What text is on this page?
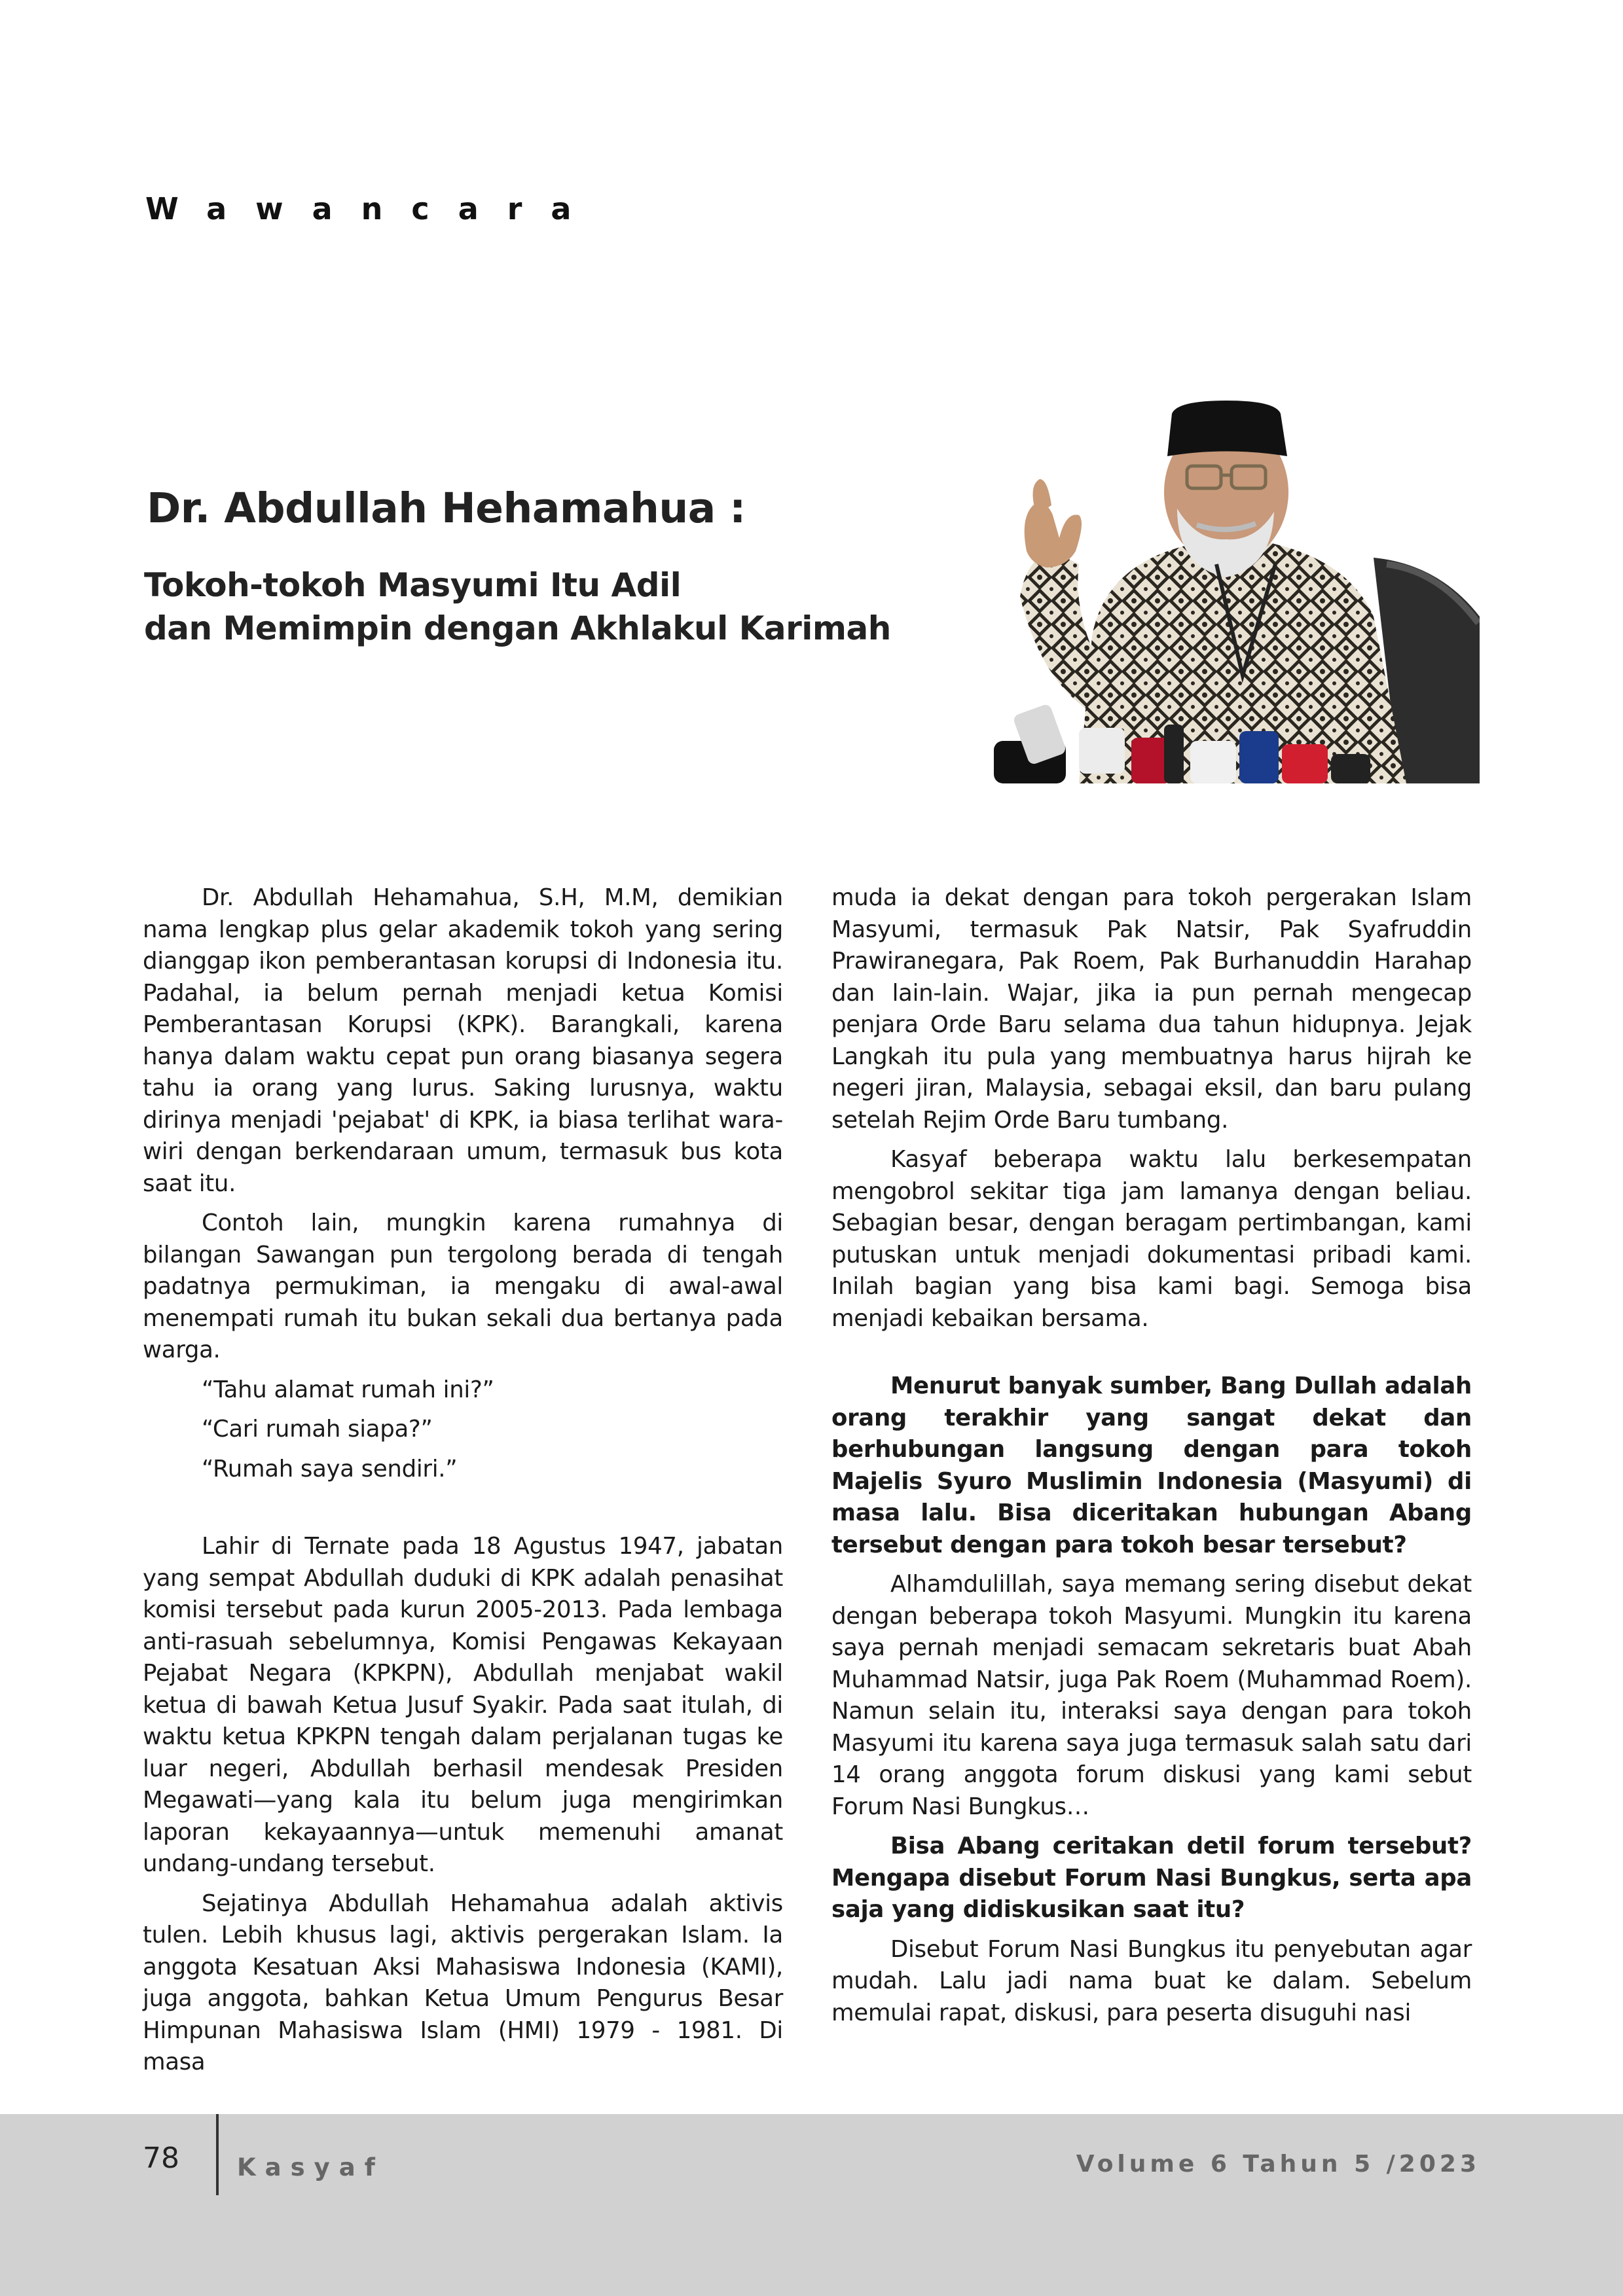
Wawancara
Dr. Abdullah Hehamahua :
Tokoh-tokoh Masyumi Itu Adil
dan Memimpin dengan Akhlakul Karimah

Dr. Abdullah Hehamahua, S.H, M.M, demikian nama lengkap plus gelar akademik tokoh yang sering dianggap ikon pemberantasan korupsi di Indonesia itu. Padahal, ia belum pernah menjadi ketua Komisi Pemberantasan Korupsi (KPK). Barangkali, karena hanya dalam waktu cepat pun orang biasanya segera tahu ia orang yang lurus. Saking lurusnya, waktu dirinya menjadi 'pejabat' di KPK, ia biasa terlihat wara-wiri dengan berkendaraan umum, termasuk bus kota saat itu.

Contoh lain, mungkin karena rumahnya di bilangan Sawangan pun tergolong berada di tengah padatnya permukiman, ia mengaku di awal-awal menempati rumah itu bukan sekali dua bertanya pada warga.

“Tahu alamat rumah ini?”

“Cari rumah siapa?”

“Rumah saya sendiri.”

Lahir di Ternate pada 18 Agustus 1947, jabatan yang sempat Abdullah duduki di KPK adalah penasihat komisi tersebut pada kurun 2005-2013. Pada lembaga anti-rasuah sebelumnya, Komisi Pengawas Kekayaan Pejabat Negara (KPKPN), Abdullah menjabat wakil ketua di bawah Ketua Jusuf Syakir. Pada saat itulah, di waktu ketua KPKPN tengah dalam perjalanan tugas ke luar negeri, Abdullah berhasil mendesak Presiden Megawati—yang kala itu belum juga mengirimkan laporan kekayaannya—untuk memenuhi amanat undang-undang tersebut.

Sejatinya Abdullah Hehamahua adalah aktivis tulen. Lebih khusus lagi, aktivis pergerakan Islam. Ia anggota Kesatuan Aksi Mahasiswa Indonesia (KAMI), juga anggota, bahkan Ketua Umum Pengurus Besar Himpunan Mahasiswa Islam (HMI) 1979 - 1981. Di masa

muda ia dekat dengan para tokoh pergerakan Islam Masyumi, termasuk Pak Natsir, Pak Syafruddin Prawiranegara, Pak Roem, Pak Burhanuddin Harahap dan lain-lain. Wajar, jika ia pun pernah mengecap penjara Orde Baru selama dua tahun hidupnya. Jejak Langkah itu pula yang membuatnya harus hijrah ke negeri jiran, Malaysia, sebagai eksil, dan baru pulang setelah Rejim Orde Baru tumbang.

Kasyaf beberapa waktu lalu berkesempatan mengobrol sekitar tiga jam lamanya dengan beliau. Sebagian besar, dengan beragam pertimbangan, kami putuskan untuk menjadi dokumentasi pribadi kami. Inilah bagian yang bisa kami bagi. Semoga bisa menjadi kebaikan bersama.

Menurut banyak sumber, Bang Dullah adalah orang terakhir yang sangat dekat dan berhubungan langsung dengan para tokoh Majelis Syuro Muslimin Indonesia (Masyumi) di masa lalu. Bisa diceritakan hubungan Abang tersebut dengan para tokoh besar tersebut?

Alhamdulillah, saya memang sering disebut dekat dengan beberapa tokoh Masyumi. Mungkin itu karena saya pernah menjadi semacam sekretaris buat Abah Muhammad Natsir, juga Pak Roem (Muhammad Roem). Namun selain itu, interaksi saya dengan para tokoh Masyumi itu karena saya juga termasuk salah satu dari 14 orang anggota forum diskusi yang kami sebut Forum Nasi Bungkus…

Bisa Abang ceritakan detil forum tersebut? Mengapa disebut Forum Nasi Bungkus, serta apa saja yang didiskusikan saat itu?

Disebut Forum Nasi Bungkus itu penyebutan agar mudah. Lalu jadi nama buat ke dalam. Sebelum memulai rapat, diskusi, para peserta disuguhi nasi

78 Kasyaf	Volume 6 Tahun 5 /2023
